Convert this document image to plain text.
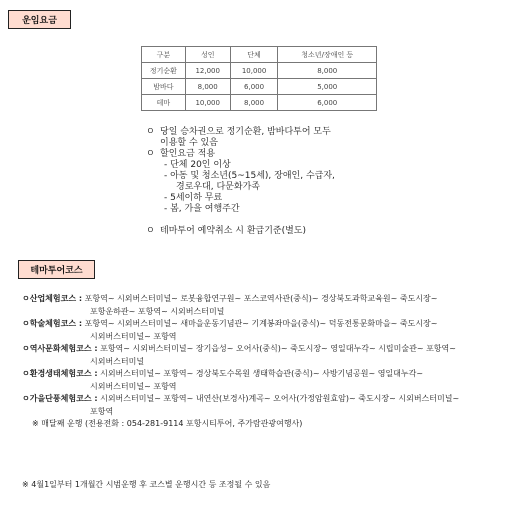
운임요금
구분	성인	단체	청소년/장애인 등
정기순환	12,000	10,000	8,000
밤바다	8,000	6,000	5,000
테마	10,000	8,000	6,000
ㅇ 당일 승차권으로 정기순환, 밤바다투어 모두
이용할 수 있음
ㅇ 할인요금 적용
- 단체 20인 이상
- 아동 및 청소년(5~15세), 장애인, 수급자,
경로우대, 다문화가족
- 5세이하 무료
- 봄, 가을 여행주간
ㅇ 테마투어 예약취소 시 환급기준(별도)
테마투어코스
ㅇ산업체험코스 : 포항역~ 시외버스터미널~ 로봇융합연구원~ 포스코역사관(중식)~ 경상북도과학교육원~ 죽도시장~
포항운하관~ 포항역~ 시외버스터미널
ㅇ학술체험코스 : 포항역~ 시외버스터미널~ 새마을운동기념관~ 기계봉좌마을(중식)~ 덕동전통문화마을~ 죽도시장~
시외버스터미널~ 포항역
ㅇ역사문화체험코스 : 포항역~ 시외버스터미널~ 장기읍성~ 오어사(중식)~ 죽도시장~ 영일대누각~ 시립미술관~ 포항역~
시외버스터미널
ㅇ환경생태체험코스 : 시외버스터미널~ 포항역~ 경상북도수목원 생태학습관(중식)~ 사방기념공원~ 영일대누각~
시외버스터미널~ 포항역
ㅇ가을단풍체험코스 : 시외버스터미널~ 포항역~ 내연산(보경사)계곡~ 오어사(가정암원효암)~ 죽도시장~ 시외버스터미널~
포항역
※ 매달째 운행 (전용전화 : 054-281-9114 포항시티투어, 주가람관광여행사)
※ 4월1일부터 1개월간 시범운행 후 코스별 운행시간 등 조정될 수 있음
